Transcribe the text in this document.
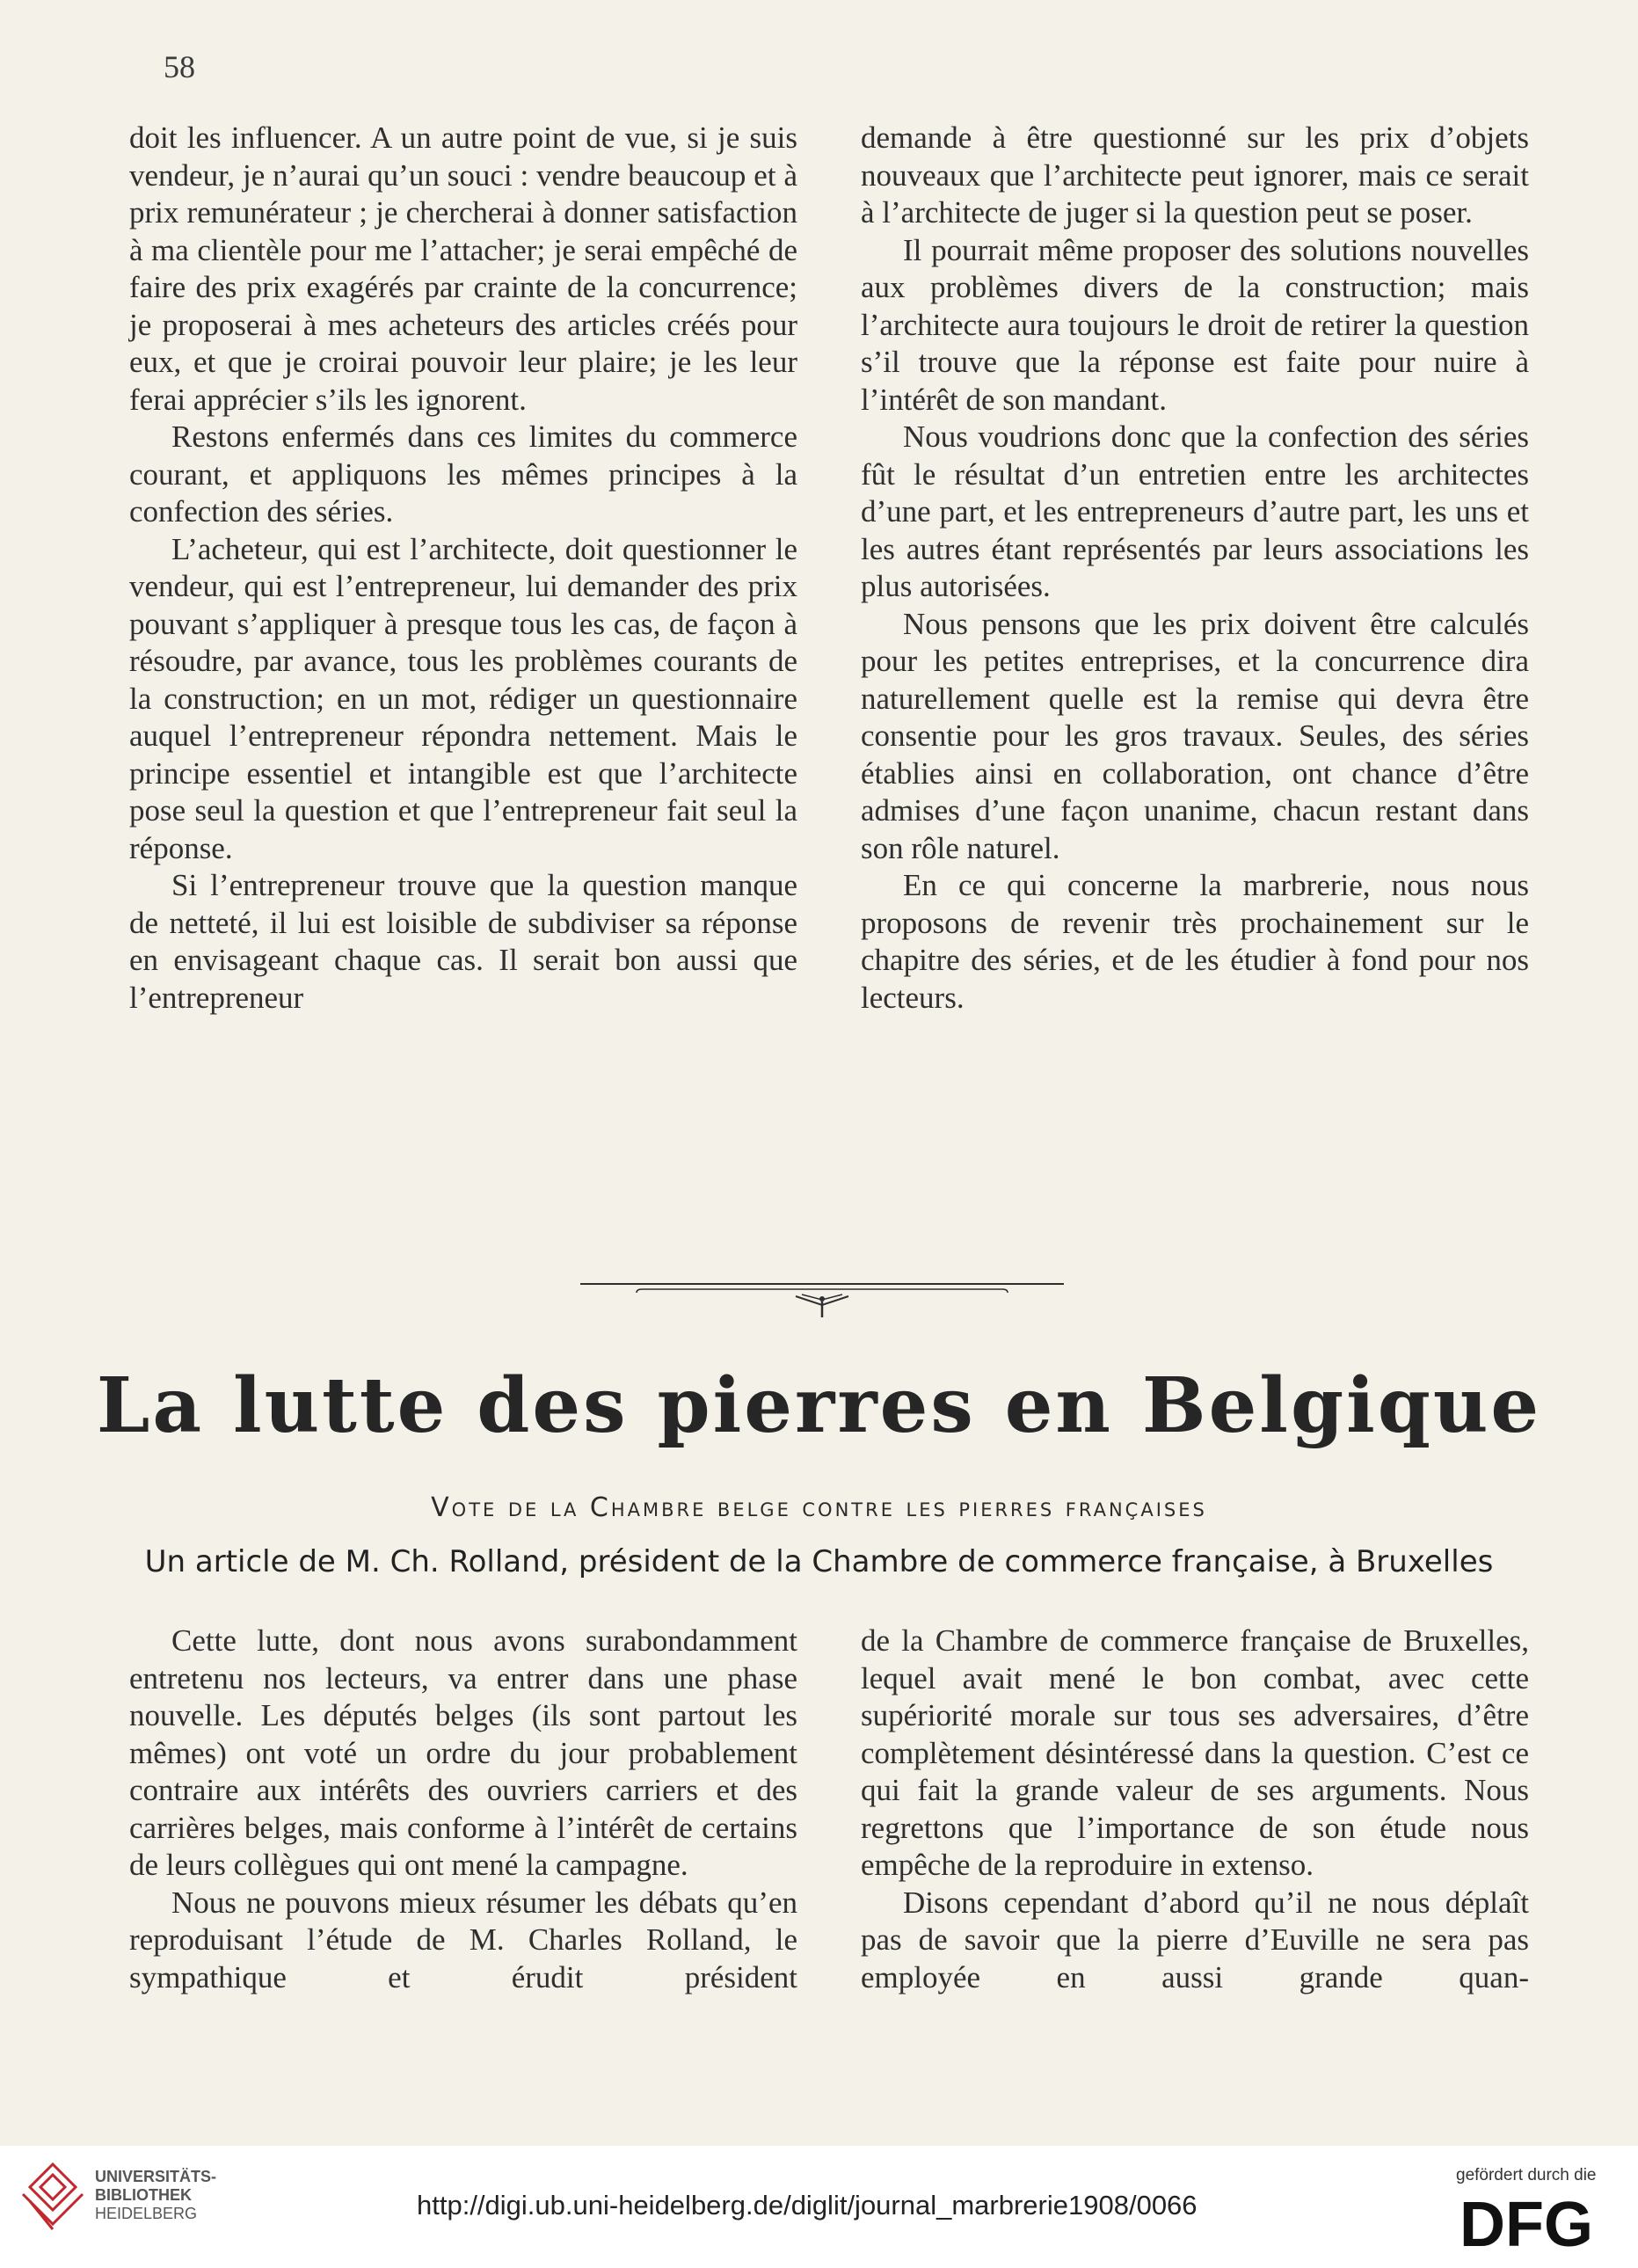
58

doit les influencer. A un autre point de vue, si je suis vendeur, je n’aurai qu’un souci : vendre beaucoup et à prix remunérateur ; je chercherai à donner satisfaction à ma clientèle pour me l’attacher; je serai empêché de faire des prix exagérés par crainte de la concurrence; je proposerai à mes acheteurs des articles créés pour eux, et que je croirai pouvoir leur plaire; je les leur ferai apprécier s’ils les ignorent.

Restons enfermés dans ces limites du commerce courant, et appliquons les mêmes principes à la confection des séries.

L’acheteur, qui est l’architecte, doit questionner le vendeur, qui est l’entrepreneur, lui demander des prix pouvant s’appliquer à presque tous les cas, de façon à résoudre, par avance, tous les problèmes courants de la construction; en un mot, rédiger un questionnaire auquel l’entrepreneur répondra nettement. Mais le principe essentiel et intangible est que l’architecte pose seul la question et que l’entrepreneur fait seul la réponse.

Si l’entrepreneur trouve que la question manque de netteté, il lui est loisible de subdiviser sa réponse en envisageant chaque cas. Il serait bon aussi que l’entrepreneur

demande à être questionné sur les prix d’objets nouveaux que l’architecte peut ignorer, mais ce serait à l’architecte de juger si la question peut se poser.

Il pourrait même proposer des solutions nouvelles aux problèmes divers de la construction; mais l’architecte aura toujours le droit de retirer la question s’il trouve que la réponse est faite pour nuire à l’intérêt de son mandant.

Nous voudrions donc que la confection des séries fût le résultat d’un entretien entre les architectes d’une part, et les entrepreneurs d’autre part, les uns et les autres étant représentés par leurs associations les plus autorisées.

Nous pensons que les prix doivent être calculés pour les petites entreprises, et la concurrence dira naturellement quelle est la remise qui devra être consentie pour les gros travaux. Seules, des séries établies ainsi en collaboration, ont chance d’être admises d’une façon unanime, chacun restant dans son rôle naturel.

En ce qui concerne la marbrerie, nous nous proposons de revenir très prochainement sur le chapitre des séries, et de les étudier à fond pour nos lecteurs.

La lutte des pierres en Belgique
Vote de la Chambre belge contre les pierres françaises
Un article de M. Ch. Rolland, président de la Chambre de commerce française, à Bruxelles

Cette lutte, dont nous avons surabondamment entretenu nos lecteurs, va entrer dans une phase nouvelle. Les députés belges (ils sont partout les mêmes) ont voté un ordre du jour probablement contraire aux intérêts des ouvriers carriers et des carrières belges, mais conforme à l’intérêt de certains de leurs collègues qui ont mené la campagne.

Nous ne pouvons mieux résumer les débats qu’en reproduisant l’étude de M. Charles Rolland, le sympathique et érudit président

de la Chambre de commerce française de Bruxelles, lequel avait mené le bon combat, avec cette supériorité morale sur tous ses adversaires, d’être complètement désintéressé dans la question. C’est ce qui fait la grande valeur de ses arguments. Nous regrettons que l’importance de son étude nous empêche de la reproduire in extenso.

Disons cependant d’abord qu’il ne nous déplaît pas de savoir que la pierre d’Euville ne sera pas employée en aussi grande quan-

UNIVERSITÄTS-
BIBLIOTHEK
HEIDELBERG	http://digi.ub.uni-heidelberg.de/diglit/journal_marbrerie1908/0066
gefördert durch die
DFG
